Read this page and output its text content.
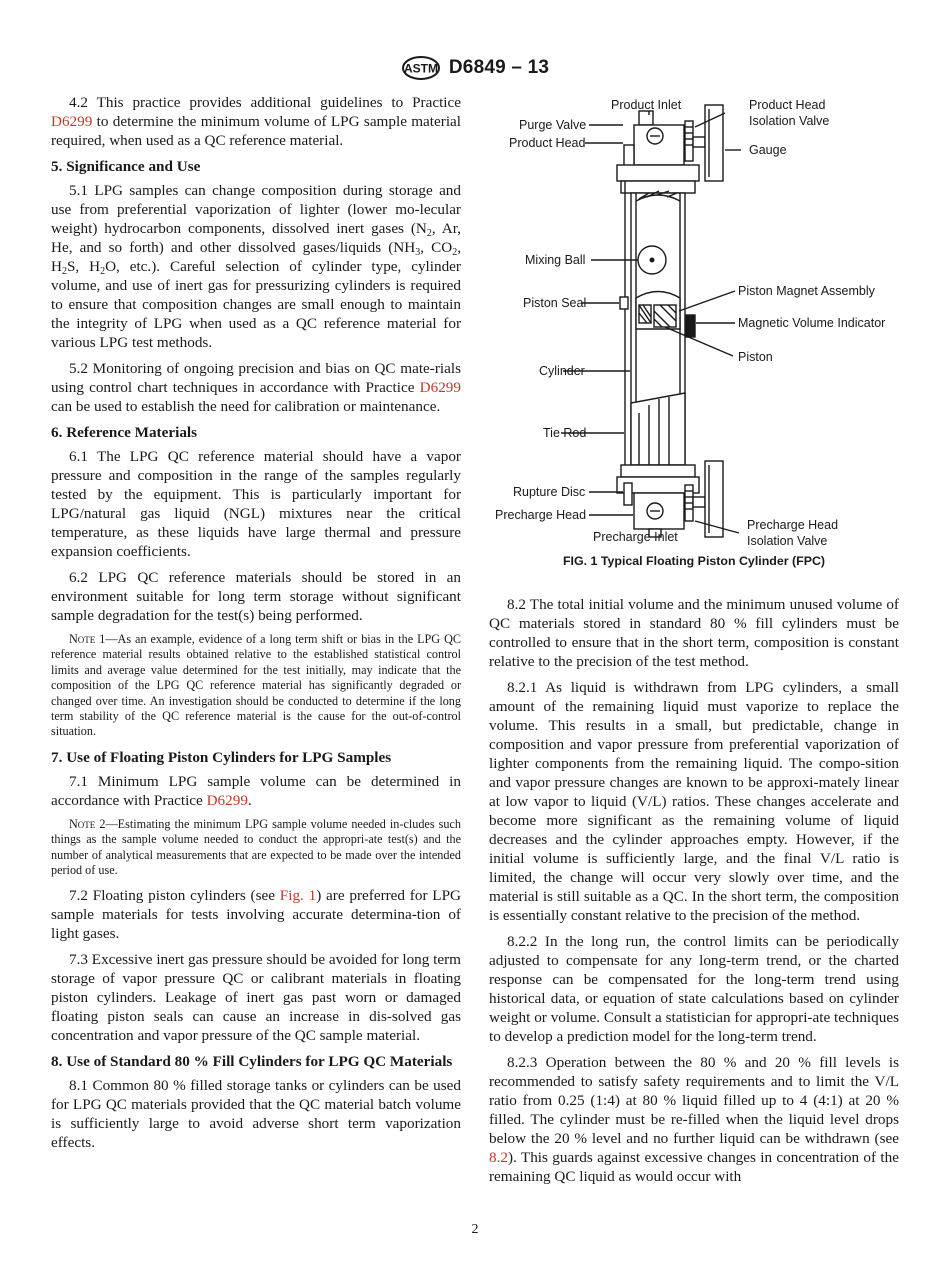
ASTM D6849 – 13

4.2 This practice provides additional guidelines to Practice D6299 to determine the minimum volume of LPG sample material required, when used as a QC reference material.

5. Significance and Use

5.1 LPG samples can change composition during storage and use from preferential vaporization of lighter (lower mo-lecular weight) hydrocarbon components, dissolved inert gases ($N_2$, Ar, He, and so forth) and other dissolved gases/liquids ($NH_3$, $CO_2$, $H_2S$, $H_2O$, etc.). Careful selection of cylinder type, cylinder volume, and use of inert gas for pressurizing cylinders is required to ensure that composition changes are small enough to maintain the integrity of LPG when used as a QC reference material for various LPG test methods.

5.2 Monitoring of ongoing precision and bias on QC mate-rials using control chart techniques in accordance with Practice D6299 can be used to establish the need for calibration or maintenance.

6. Reference Materials

6.1 The LPG QC reference material should have a vapor pressure and composition in the range of the samples regularly tested by the equipment. This is particularly important for LPG/natural gas liquid (NGL) mixtures near the critical temperature, as these liquids have large thermal and pressure expansion coefficients.

6.2 LPG QC reference materials should be stored in an environment suitable for long term storage without significant sample degradation for the test(s) being performed.

Note 1—As an example, evidence of a long term shift or bias in the LPG QC reference material results obtained relative to the established statistical control limits and average value determined for the test initially, may indicate that the composition of the LPG QC reference material has significantly degraded or changed over time. An investigation should be conducted to determine if the long term stability of the QC reference material is the cause for the out-of-control situation.

7. Use of Floating Piston Cylinders for LPG Samples

7.1 Minimum LPG sample volume can be determined in accordance with Practice D6299.

Note 2—Estimating the minimum LPG sample volume needed in-cludes such things as the sample volume needed to conduct the appropri-ate test(s) and the number of analytical measurements that are expected to be made over the intended period of use.

7.2 Floating piston cylinders (see Fig. 1) are preferred for LPG sample materials for tests involving accurate determina-tion of light gases.

7.3 Excessive inert gas pressure should be avoided for long term storage of vapor pressure QC or calibrant materials in floating piston cylinders. Leakage of inert gas past worn or damaged floating piston seals can cause an increase in dis-solved gas concentration and vapor pressure of the QC sample material.

8. Use of Standard 80 % Fill Cylinders for LPG QC Materials

8.1 Common 80 % filled storage tanks or cylinders can be used for LPG QC materials provided that the QC material batch volume is sufficiently large to avoid adverse short term vaporization effects.

Product Inlet
Purge Valve
Product Head
Product Head
Isolation Valve
Gauge
Mixing Ball
Piston Seal
Piston Magnet Assembly
Magnetic Volume Indicator
Piston
Cylinder
Tie Rod
Rupture Disc
Precharge Head
Precharge Inlet
Precharge Head
Isolation Valve
FIG. 1 Typical Floating Piston Cylinder (FPC)

8.2 The total initial volume and the minimum unused volume of QC materials stored in standard 80 % fill cylinders must be controlled to ensure that in the short term, composition is constant relative to the precision of the test method.

8.2.1 As liquid is withdrawn from LPG cylinders, a small amount of the remaining liquid must vaporize to replace the volume. This results in a small, but predictable, change in composition and vapor pressure from preferential vaporization of lighter components from the remaining liquid. The compo-sition and vapor pressure changes are known to be approxi-mately linear at low vapor to liquid (V/L) ratios. These changes accelerate and become more significant as the remaining volume of liquid decreases and the cylinder approaches empty. However, if the initial volume is sufficiently large, and the final V/L ratio is limited, the change will occur very slowly over time, and the material is still suitable as a QC. In the short term, the composition is essentially constant relative to the precision of the method.

8.2.2 In the long run, the control limits can be periodically adjusted to compensate for any long-term trend, or the charted response can be compensated for the long-term trend using historical data, or equation of state calculations based on cylinder weight or volume. Consult a statistician for appropri-ate techniques to develop a prediction model for the long-term trend.

8.2.3 Operation between the 80 % and 20 % fill levels is recommended to satisfy safety requirements and to limit the V/L ratio from 0.25 (1:4) at 80 % liquid filled up to 4 (4:1) at 20 % filled. The cylinder must be re-filled when the liquid level drops below the 20 % level and no further liquid can be withdrawn (see 8.2). This guards against excessive changes in concentration of the remaining QC liquid as would occur with

2
